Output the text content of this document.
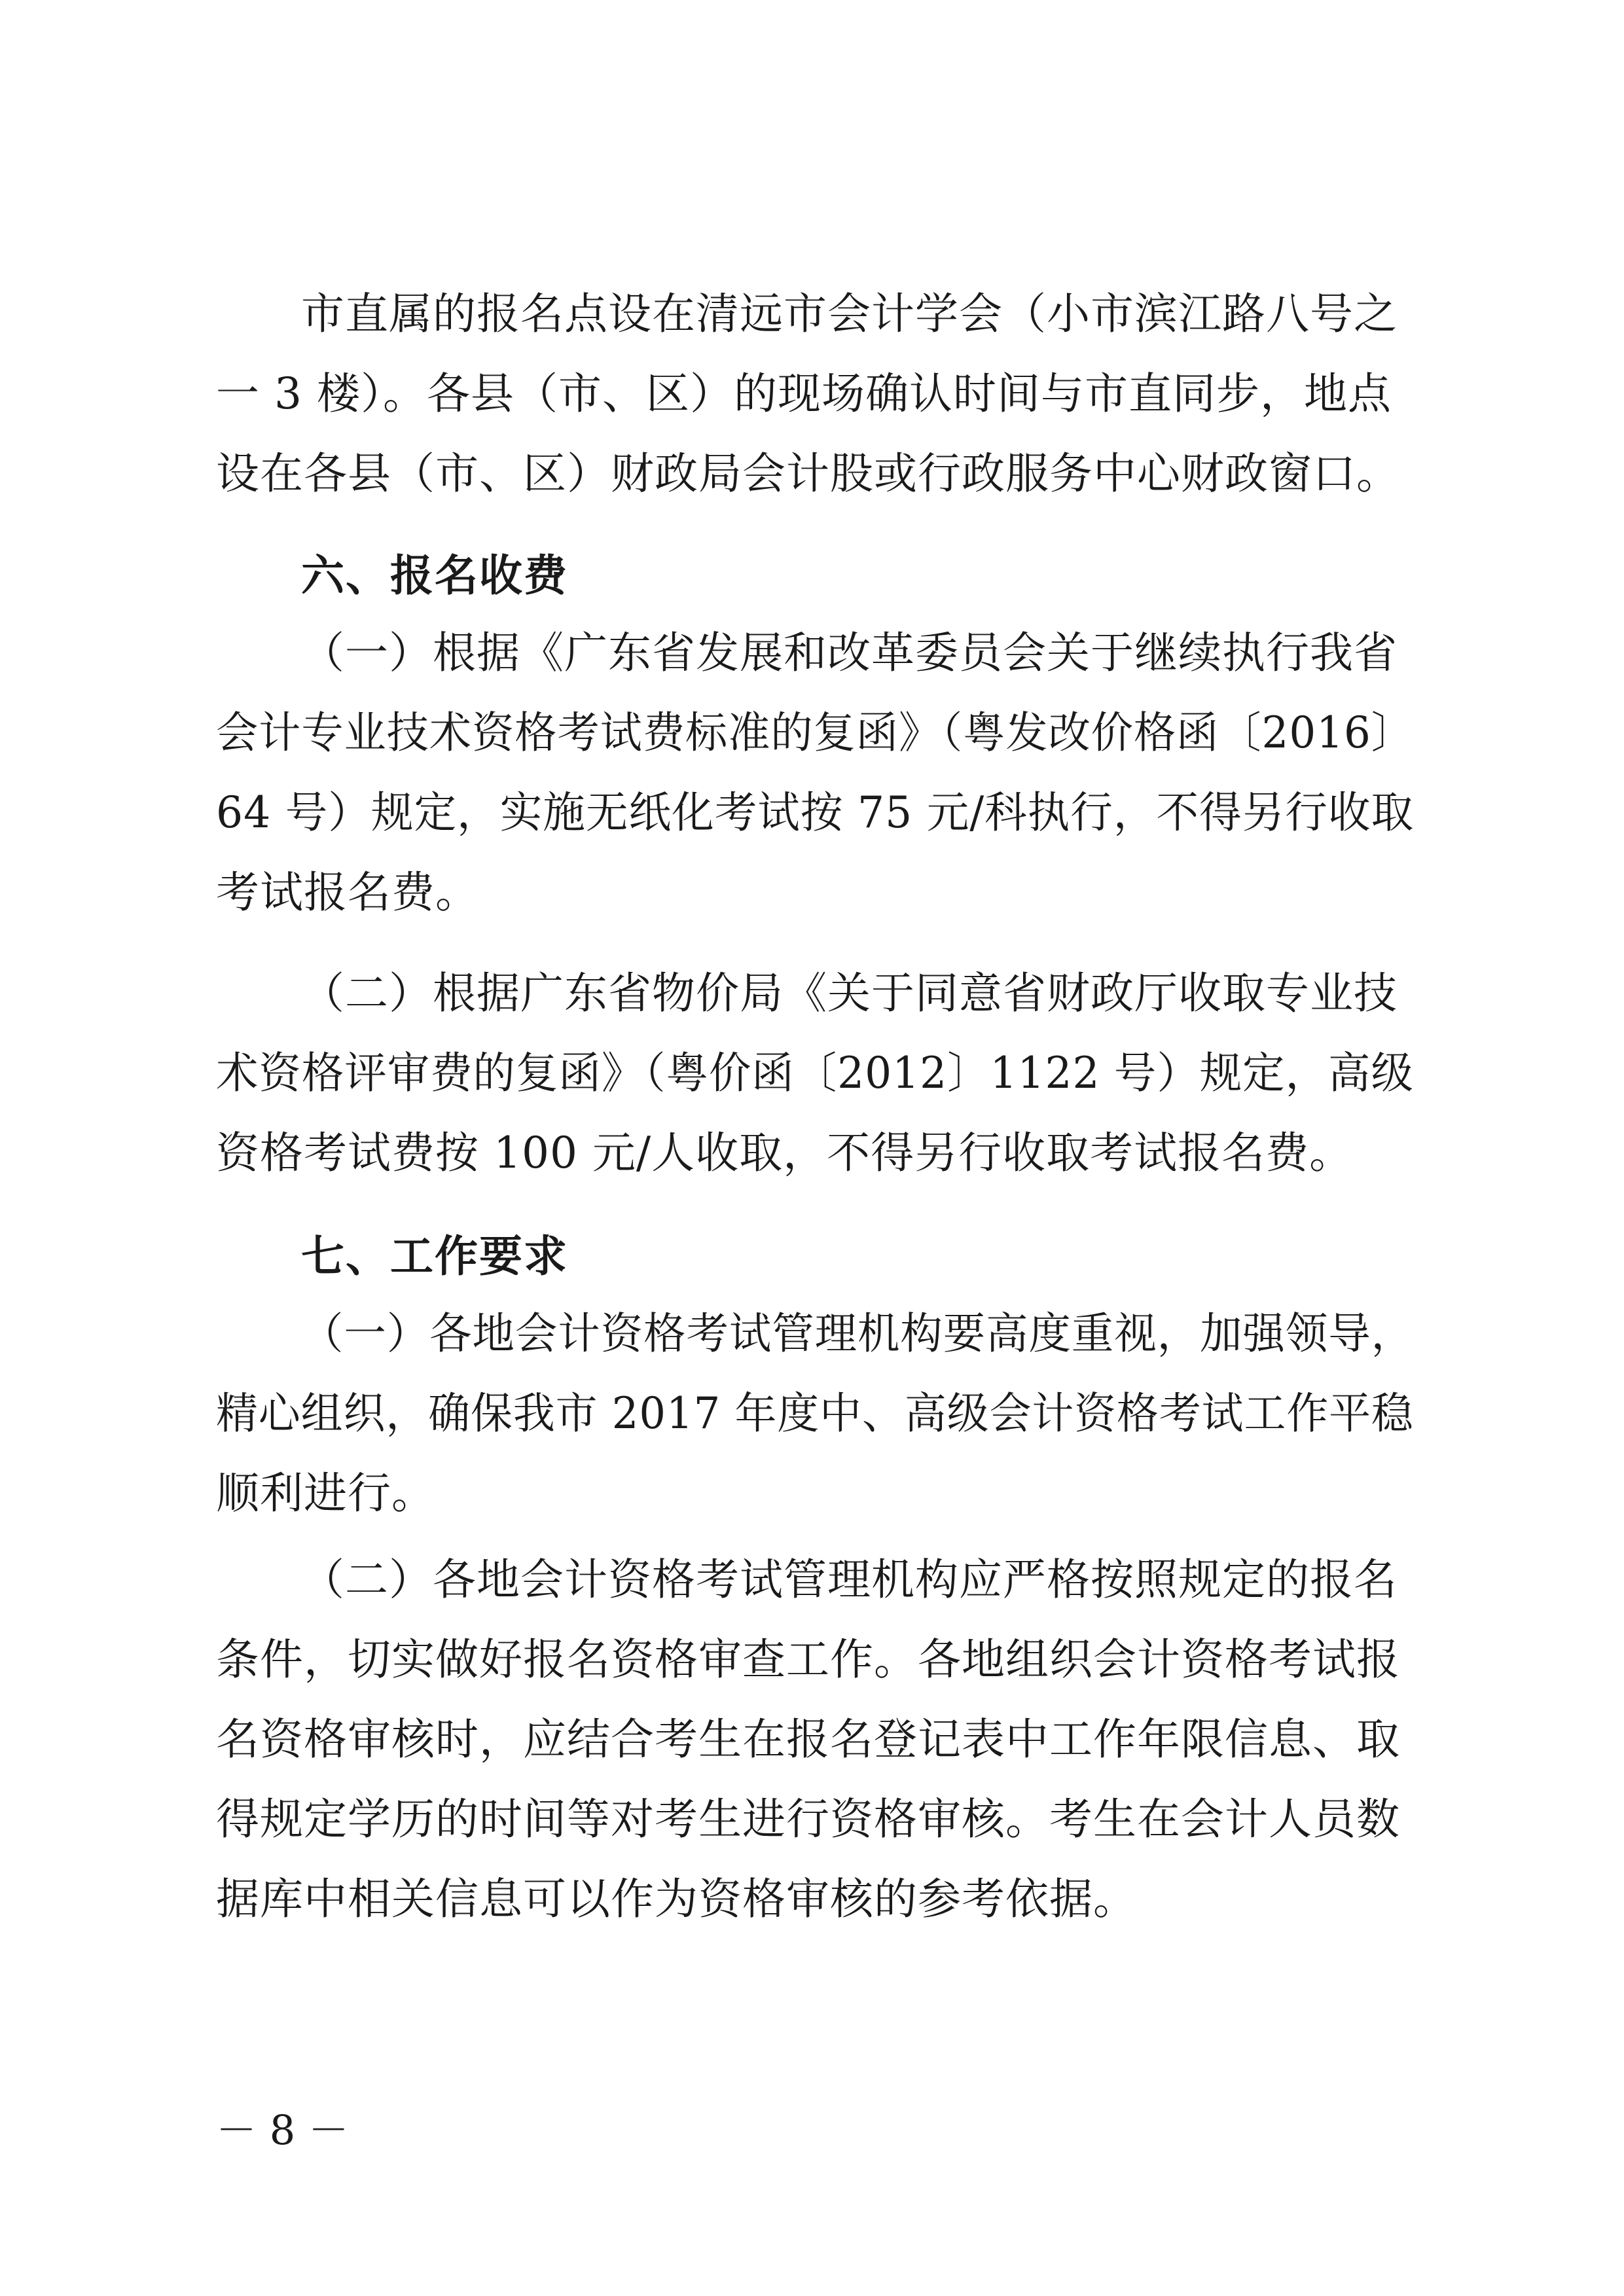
市直属的报名点设在清远市会计学会（小市滨江路八号之
一 3 楼）。各县（市、区）的现场确认时间与市直同步，地点
设在各县（市、区）财政局会计股或行政服务中心财政窗口。
六、报名收费
（一）根据《广东省发展和改革委员会关于继续执行我省
会计专业技术资格考试费标准的复函》（粤发改价格函〔2016〕
64 号）规定，实施无纸化考试按 75 元/科执行，不得另行收取
考试报名费。
（二）根据广东省物价局《关于同意省财政厅收取专业技
术资格评审费的复函》（粤价函〔2012〕1122 号）规定，高级
资格考试费按 100 元/人收取，不得另行收取考试报名费。
七、工作要求
（一）各地会计资格考试管理机构要高度重视，加强领导，
精心组织，确保我市 2017 年度中、高级会计资格考试工作平稳
顺利进行。
（二）各地会计资格考试管理机构应严格按照规定的报名
条件，切实做好报名资格审查工作。各地组织会计资格考试报
名资格审核时，应结合考生在报名登记表中工作年限信息、取
得规定学历的时间等对考生进行资格审核。考生在会计人员数
据库中相关信息可以作为资格审核的参考依据。
－ 8 －
